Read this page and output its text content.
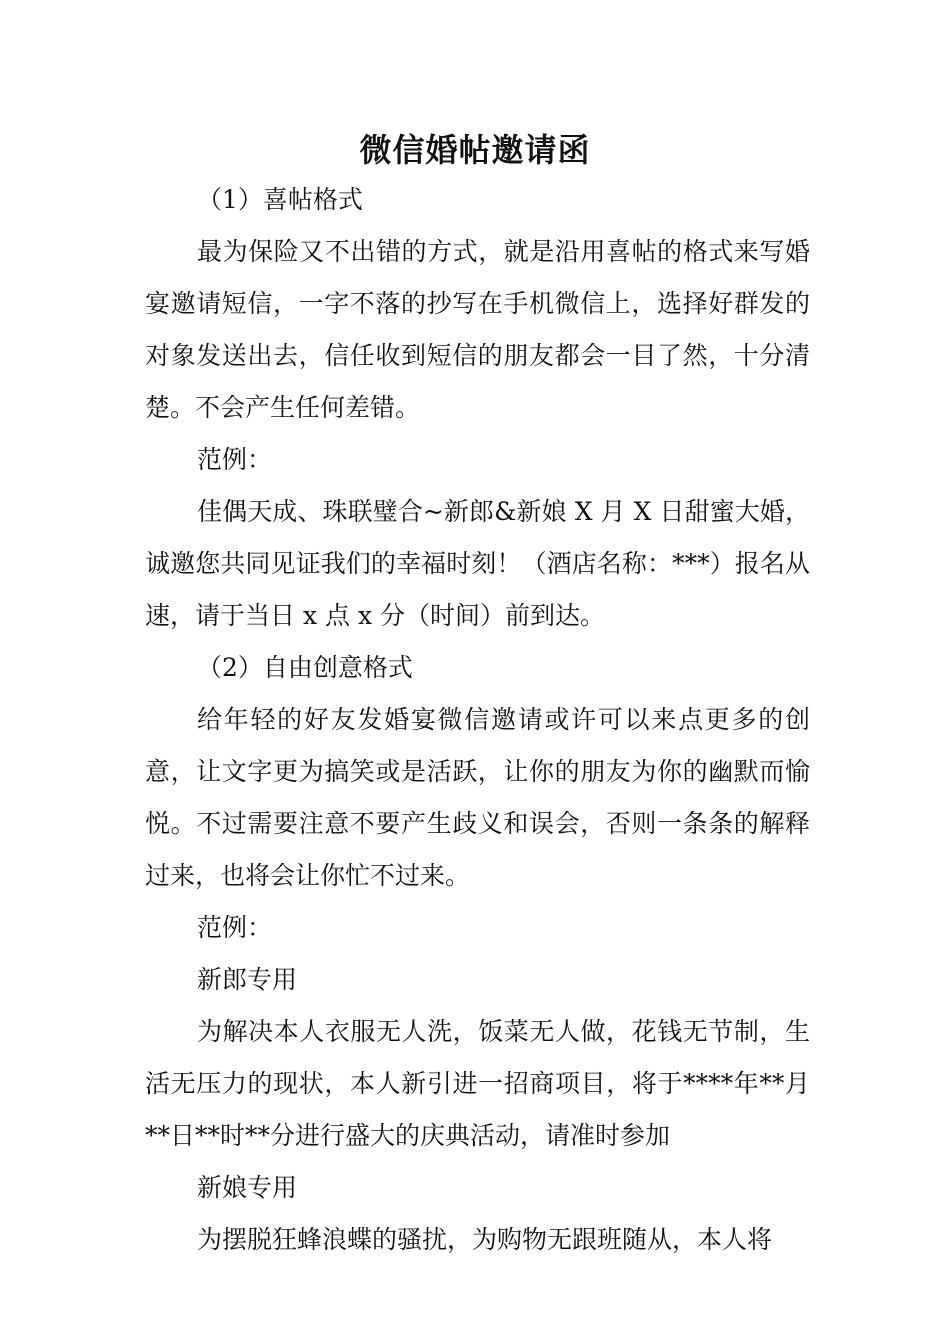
微信婚帖邀请函

（1）喜帖格式

最为保险又不出错的方式，就是沿用喜帖的格式来写婚宴邀请短信，一字不落的抄写在手机微信上，选择好群发的对象发送出去，信任收到短信的朋友都会一目了然，十分清楚。不会产生任何差错。

范例：

佳偶天成、珠联璧合~新郎&新娘 X 月 X 日甜蜜大婚，诚邀您共同见证我们的幸福时刻！（酒店名称：***）报名从速，请于当日 x 点 x 分（时间）前到达。

（2）自由创意格式

给年轻的好友发婚宴微信邀请或许可以来点更多的创意，让文字更为搞笑或是活跃，让你的朋友为你的幽默而愉悦。不过需要注意不要产生歧义和误会，否则一条条的解释过来，也将会让你忙不过来。

范例：

新郎专用

为解决本人衣服无人洗，饭菜无人做，花钱无节制，生活无压力的现状，本人新引进一招商项目，将于****年**月**日**时**分进行盛大的庆典活动，请准时参加

新娘专用

为摆脱狂蜂浪蝶的骚扰，为购物无跟班随从，本人将
